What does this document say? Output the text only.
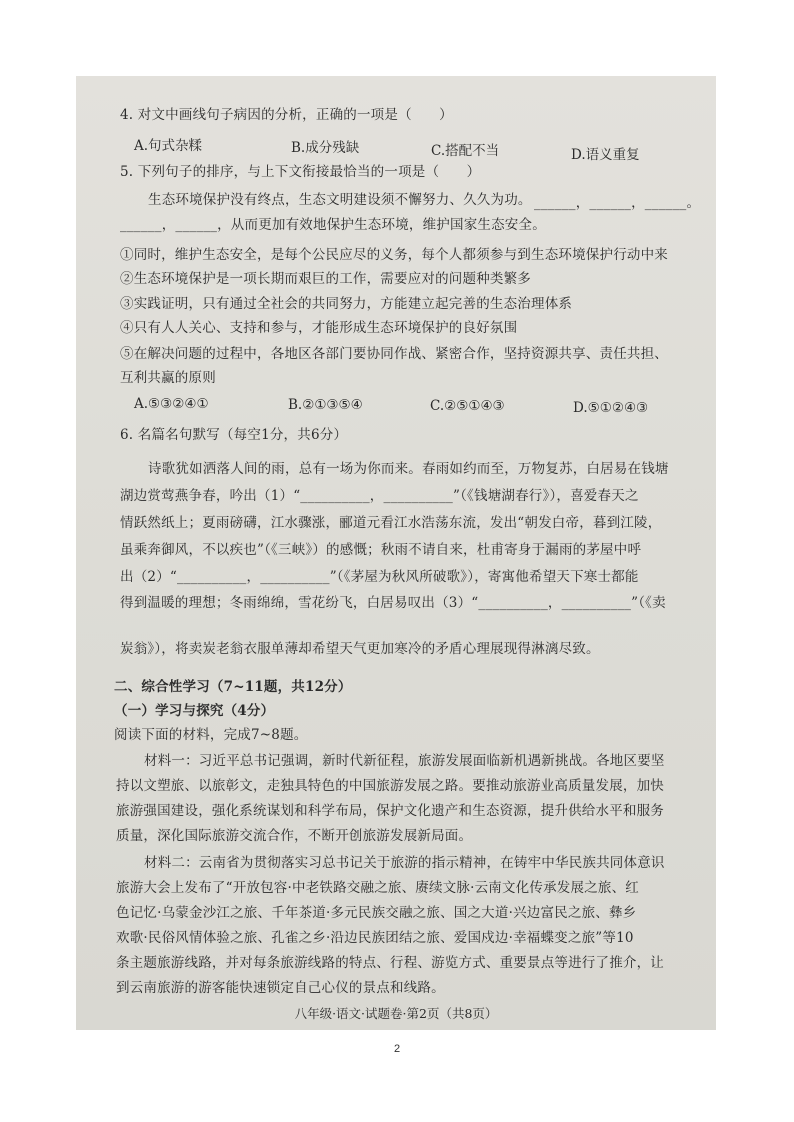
4. 对文中画线句子病因的分析，正确的一项是（　　）
A.句式杂糅	B.成分残缺	C.搭配不当	D.语义重复
5. 下列句子的排序，与上下文衔接最恰当的一项是（　　）
生态环境保护没有终点，生态文明建设须不懈努力、久久为功。 ______，______，______。
______，______，从而更加有效地保护生态环境，维护国家生态安全。
①同时，维护生态安全，是每个公民应尽的义务，每个人都须参与到生态环境保护行动中来
②生态环境保护是一项长期而艰巨的工作，需要应对的问题种类繁多
③实践证明，只有通过全社会的共同努力，方能建立起完善的生态治理体系
④只有人人关心、支持和参与，才能形成生态环境保护的良好氛围
⑤在解决问题的过程中，各地区各部门要协同作战、紧密合作，坚持资源共享、责任共担、
互利共赢的原则
A.⑤③②④①	B.②①③⑤④	C.②⑤①④③	D.⑤①②④③
6. 名篇名句默写（每空1分，共6分）
诗歌犹如洒落人间的雨，总有一场为你而来。春雨如约而至，万物复苏，白居易在钱塘
湖边赏莺燕争春，吟出（1）“__________，__________”（《钱塘湖春行》），喜爱春天之
情跃然纸上；夏雨磅礴，江水骤涨，郦道元看江水浩荡东流，发出“朝发白帝，暮到江陵，
虽乘奔御风，不以疾也”（《三峡》）的感慨；秋雨不请自来，杜甫寄身于漏雨的茅屋中呼
出（2）“__________，__________”（《茅屋为秋风所破歌》），寄寓他希望天下寒士都能
得到温暖的理想；冬雨绵绵，雪花纷飞，白居易叹出（3）“__________，__________”（《卖
炭翁》），将卖炭老翁衣服单薄却希望天气更加寒冷的矛盾心理展现得淋漓尽致。
二、综合性学习（7~11题，共12分）
（一）学习与探究（4分）
阅读下面的材料，完成7~8题。
材料一：习近平总书记强调，新时代新征程，旅游发展面临新机遇新挑战。各地区要坚
持以文塑旅、以旅彰文，走独具特色的中国旅游发展之路。要推动旅游业高质量发展，加快
旅游强国建设，强化系统谋划和科学布局，保护文化遗产和生态资源，提升供给水平和服务
质量，深化国际旅游交流合作，不断开创旅游发展新局面。
材料二：云南省为贯彻落实习总书记关于旅游的指示精神，在铸牢中华民族共同体意识
旅游大会上发布了“开放包容·中老铁路交融之旅、赓续文脉·云南文化传承发展之旅、红
色记忆·乌蒙金沙江之旅、千年茶道·多元民族交融之旅、国之大道·兴边富民之旅、彝乡
欢歌·民俗风情体验之旅、孔雀之乡·沿边民族团结之旅、爱国戍边·幸福蝶变之旅”等10
条主题旅游线路，并对每条旅游线路的特点、行程、游览方式、重要景点等进行了推介，让
到云南旅游的游客能快速锁定自己心仪的景点和线路。
八年级·语文·试题卷·第2页（共8页）
2
